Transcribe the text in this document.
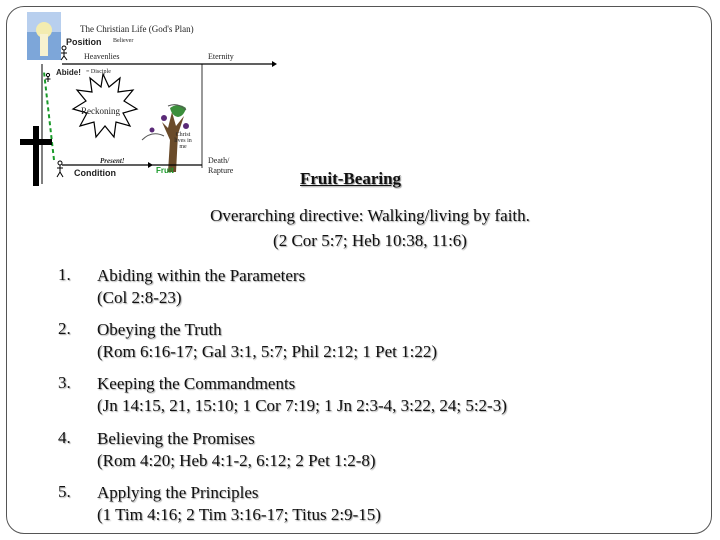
The Christian Life (God's Plan)
Position Believer
Heavenlies	Eternity
Abide! = Disciple
Reckoning
Christ lives in me
Present!
Condition	Fruit
Death/ Rapture	Fruit-Bearing
Overarching directive: Walking/living by faith.
(2 Cor 5:7; Heb 10:38, 11:6)
1. Abiding within the Parameters
(Col 2:8-23)
2. Obeying the Truth
(Rom 6:16-17; Gal 3:1, 5:7; Phil 2:12; 1 Pet 1:22)
3. Keeping the Commandments
(Jn 14:15, 21, 15:10; 1 Cor 7:19; 1 Jn 2:3-4, 3:22, 24; 5:2-3)
4. Believing the Promises
(Rom 4:20; Heb 4:1-2, 6:12; 2 Pet 1:2-8)
5. Applying the Principles
(1 Tim 4:16; 2 Tim 3:16-17; Titus 2:9-15)
